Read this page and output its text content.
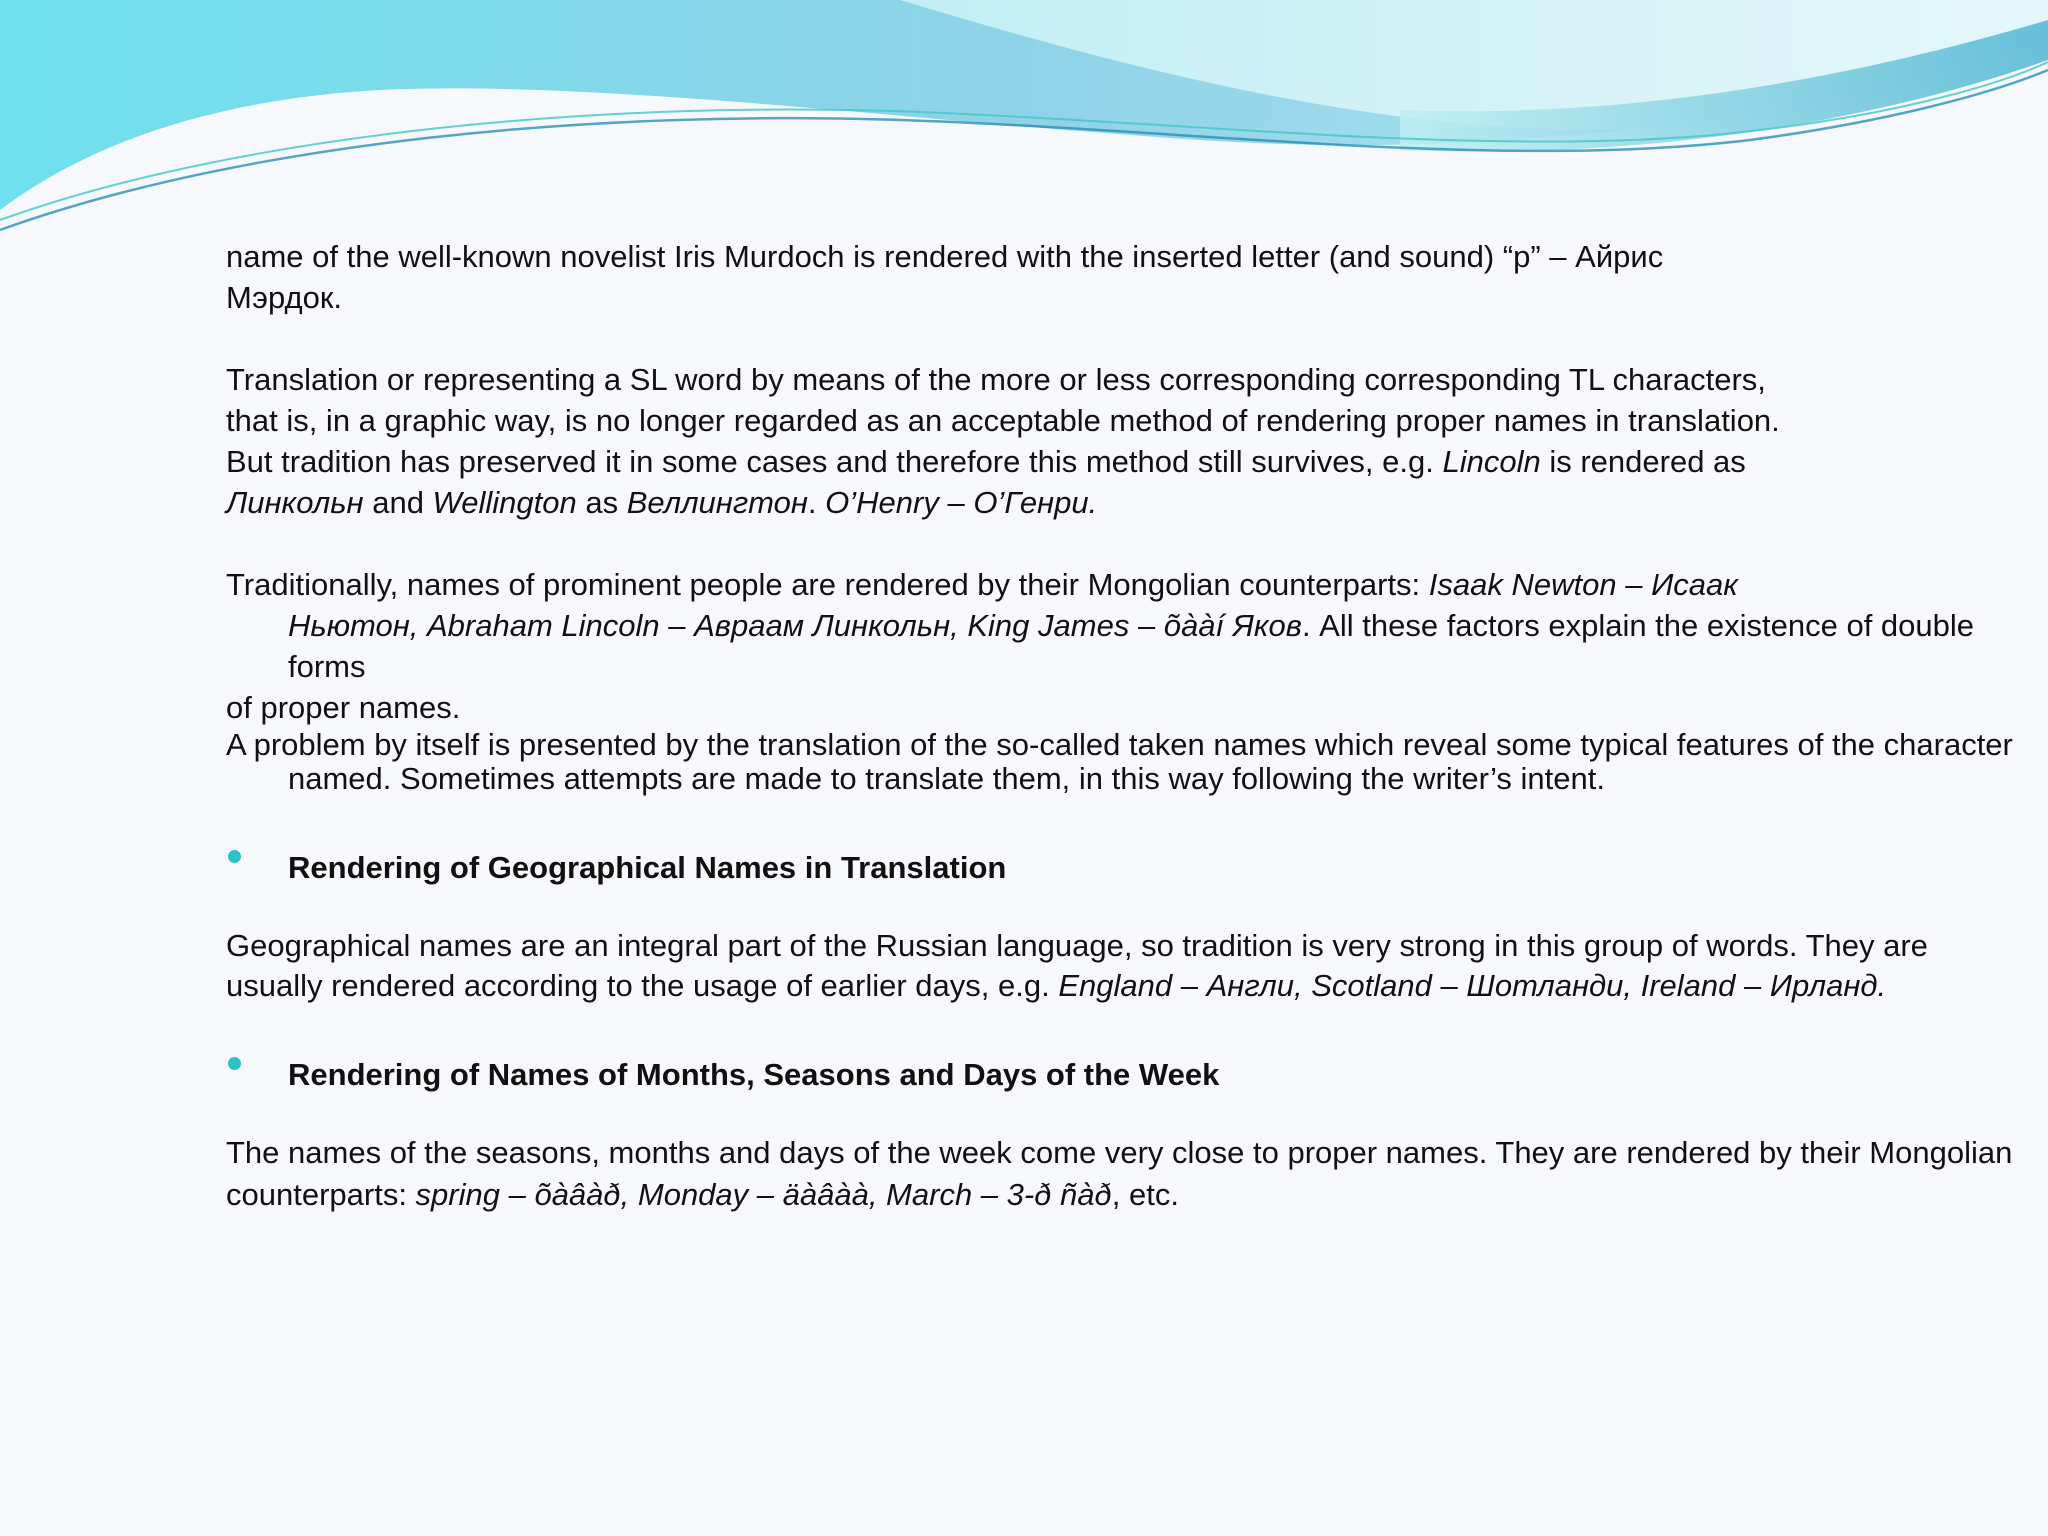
name of the well-known novelist Iris Murdoch is rendered with the inserted letter (and sound) “p” – Айрис
Мэрдок.

Translation or representing a SL word by means of the more or less corresponding corresponding TL characters,
that is, in a graphic way, is no longer regarded as an acceptable method of rendering proper names in translation.
But tradition has preserved it in some cases and therefore this method still survives, e.g. Lincoln is rendered as
Линкольн and Wellington as Веллингтон. O’Henry – О’Генри.

Traditionally, names of prominent people are rendered by their Mongolian counterparts: Isaak Newton – Исаак
Ньютон, Abraham Lincoln – Авраам Линкольн, King James – õààí Яков. All these factors explain the existence of double forms

of proper names.

A problem by itself is presented by the translation of the so-called taken names which reveal some typical features of the character named. Sometimes attempts are made to translate them, in this way following the writer’s intent.

Rendering of Geographical Names in Translation

Geographical names are an integral part of the Russian language, so tradition is very strong in this group of words. They are

usually rendered according to the usage of earlier days, e.g. England – Англи, Scotland – Шотланди, Ireland – Ирланд.

Rendering of Names of Months, Seasons and Days of the Week

The names of the seasons, months and days of the week come very close to proper names. They are rendered by their Mongolian

counterparts: spring – õàâàð, Monday – äàâàà, March – 3-ð ñàð, etc.
